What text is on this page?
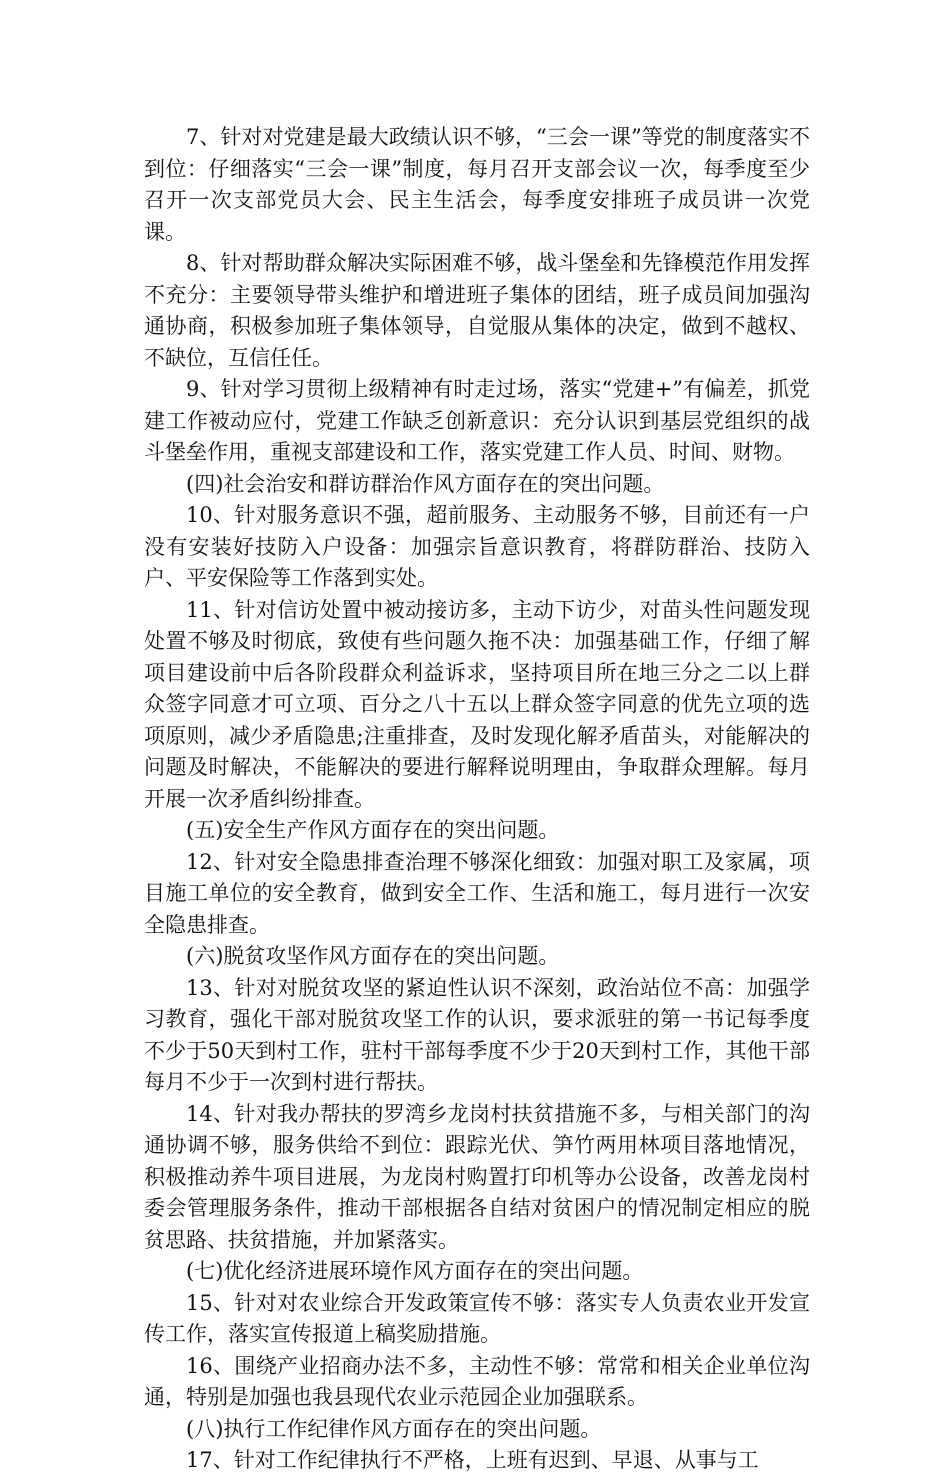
7、针对对党建是最大政绩认识不够，“三会一课”等党的制度落实不到位：仔细落实“三会一课”制度，每月召开支部会议一次，每季度至少召开一次支部党员大会、民主生活会，每季度安排班子成员讲一次党课。

8、针对帮助群众解决实际困难不够，战斗堡垒和先锋模范作用发挥不充分：主要领导带头维护和增进班子集体的团结，班子成员间加强沟通协商，积极参加班子集体领导，自觉服从集体的决定，做到不越权、不缺位，互信任任。

9、针对学习贯彻上级精神有时走过场，落实“党建+”有偏差，抓党建工作被动应付，党建工作缺乏创新意识：充分认识到基层党组织的战斗堡垒作用，重视支部建设和工作，落实党建工作人员、时间、财物。

(四)社会治安和群访群治作风方面存在的突出问题。

10、针对服务意识不强，超前服务、主动服务不够，目前还有一户没有安装好技防入户设备：加强宗旨意识教育，将群防群治、技防入户、平安保险等工作落到实处。

11、针对信访处置中被动接访多，主动下访少，对苗头性问题发现处置不够及时彻底，致使有些问题久拖不决：加强基础工作，仔细了解项目建设前中后各阶段群众利益诉求，坚持项目所在地三分之二以上群众签字同意才可立项、百分之八十五以上群众签字同意的优先立项的选项原则，减少矛盾隐患;注重排查，及时发现化解矛盾苗头，对能解决的问题及时解决，不能解决的要进行解释说明理由，争取群众理解。每月开展一次矛盾纠纷排查。

(五)安全生产作风方面存在的突出问题。

12、针对安全隐患排查治理不够深化细致：加强对职工及家属，项目施工单位的安全教育，做到安全工作、生活和施工，每月进行一次安全隐患排查。

(六)脱贫攻坚作风方面存在的突出问题。

13、针对对脱贫攻坚的紧迫性认识不深刻，政治站位不高：加强学习教育，强化干部对脱贫攻坚工作的认识，要求派驻的第一书记每季度不少于50天到村工作，驻村干部每季度不少于20天到村工作，其他干部每月不少于一次到村进行帮扶。

14、针对我办帮扶的罗湾乡龙岗村扶贫措施不多，与相关部门的沟通协调不够，服务供给不到位：跟踪光伏、笋竹两用林项目落地情况，积极推动养牛项目进展，为龙岗村购置打印机等办公设备，改善龙岗村委会管理服务条件，推动干部根据各自结对贫困户的情况制定相应的脱贫思路、扶贫措施，并加紧落实。

(七)优化经济进展环境作风方面存在的突出问题。

15、针对对农业综合开发政策宣传不够：落实专人负责农业开发宣传工作，落实宣传报道上稿奖励措施。

16、围绕产业招商办法不多，主动性不够：常常和相关企业单位沟通，特别是加强也我县现代农业示范园企业加强联系。

(八)执行工作纪律作风方面存在的突出问题。

17、针对工作纪律执行不严格，上班有迟到、早退、从事与工
